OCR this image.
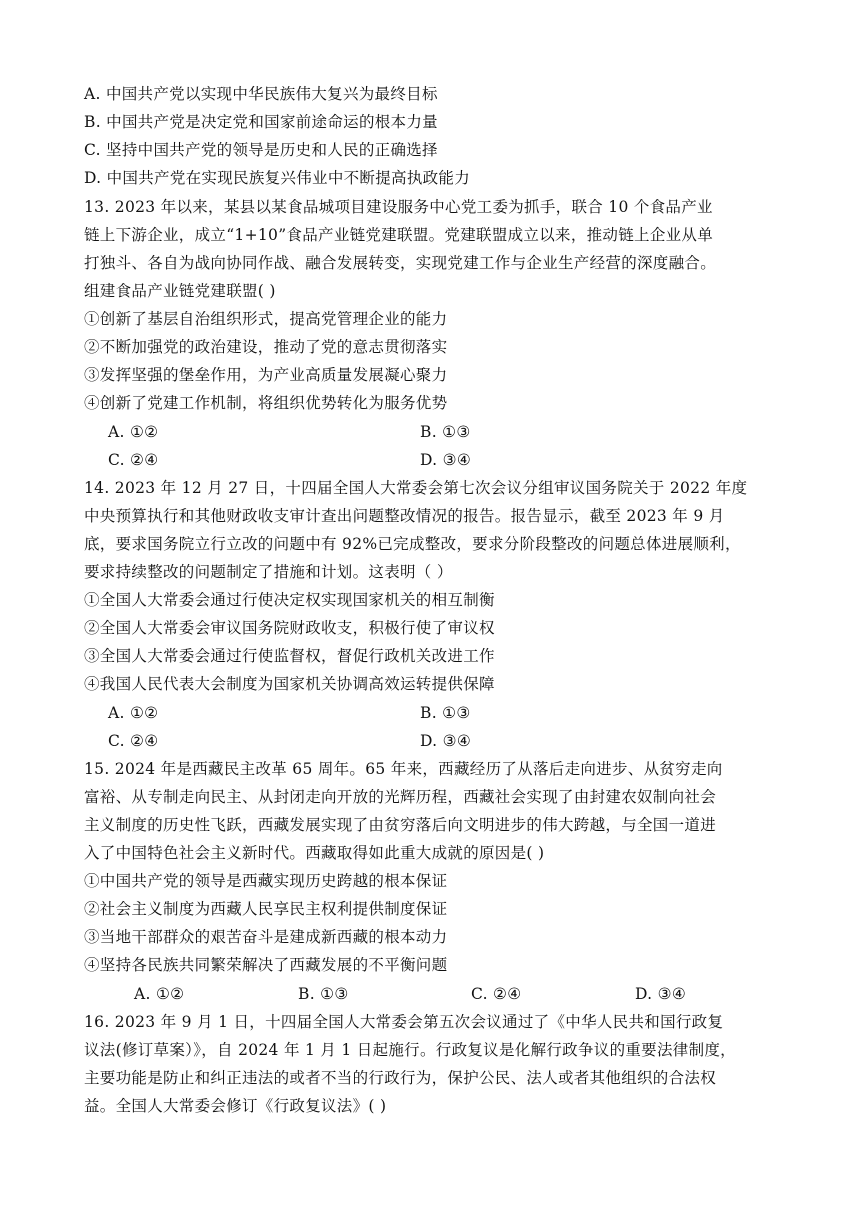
A. 中国共产党以实现中华民族伟大复兴为最终目标
B. 中国共产党是决定党和国家前途命运的根本力量
C. 坚持中国共产党的领导是历史和人民的正确选择
D. 中国共产党在实现民族复兴伟业中不断提高执政能力
13. 2023 年以来，某县以某食品城项目建设服务中心党工委为抓手，联合 10 个食品产业
链上下游企业，成立“1+10”食品产业链党建联盟。党建联盟成立以来，推动链上企业从单
打独斗、各自为战向协同作战、融合发展转变，实现党建工作与企业生产经营的深度融合。
组建食品产业链党建联盟( )
①创新了基层自治组织形式，提高党管理企业的能力
②不断加强党的政治建设，推动了党的意志贯彻落实
③发挥坚强的堡垒作用，为产业高质量发展凝心聚力
④创新了党建工作机制，将组织优势转化为服务优势
A. ①②	B. ①③
C. ②④	D. ③④
14. 2023 年 12 月 27 日，十四届全国人大常委会第七次会议分组审议国务院关于 2022 年度
中央预算执行和其他财政收支审计查出问题整改情况的报告。报告显示，截至 2023 年 9 月
底，要求国务院立行立改的问题中有 92%已完成整改，要求分阶段整改的问题总体进展顺利，
要求持续整改的问题制定了措施和计划。这表明（ ）
①全国人大常委会通过行使决定权实现国家机关的相互制衡
②全国人大常委会审议国务院财政收支，积极行使了审议权
③全国人大常委会通过行使监督权，督促行政机关改进工作
④我国人民代表大会制度为国家机关协调高效运转提供保障
A. ①②	B. ①③
C. ②④	D. ③④
15. 2024 年是西藏民主改革 65 周年。65 年来，西藏经历了从落后走向进步、从贫穷走向
富裕、从专制走向民主、从封闭走向开放的光辉历程，西藏社会实现了由封建农奴制向社会
主义制度的历史性飞跃，西藏发展实现了由贫穷落后向文明进步的伟大跨越，与全国一道进
入了中国特色社会主义新时代。西藏取得如此重大成就的原因是( )
①中国共产党的领导是西藏实现历史跨越的根本保证
②社会主义制度为西藏人民享民主权利提供制度保证
③当地干部群众的艰苦奋斗是建成新西藏的根本动力
④坚持各民族共同繁荣解决了西藏发展的不平衡问题
A. ①②	B. ①③	C. ②④	D. ③④
16. 2023 年 9 月 1 日，十四届全国人大常委会第五次会议通过了《中华人民共和国行政复
议法(修订草案）》，自 2024 年 1 月 1 日起施行。行政复议是化解行政争议的重要法律制度，
主要功能是防止和纠正违法的或者不当的行政行为，保护公民、法人或者其他组织的合法权
益。全国人大常委会修订《行政复议法》( )
